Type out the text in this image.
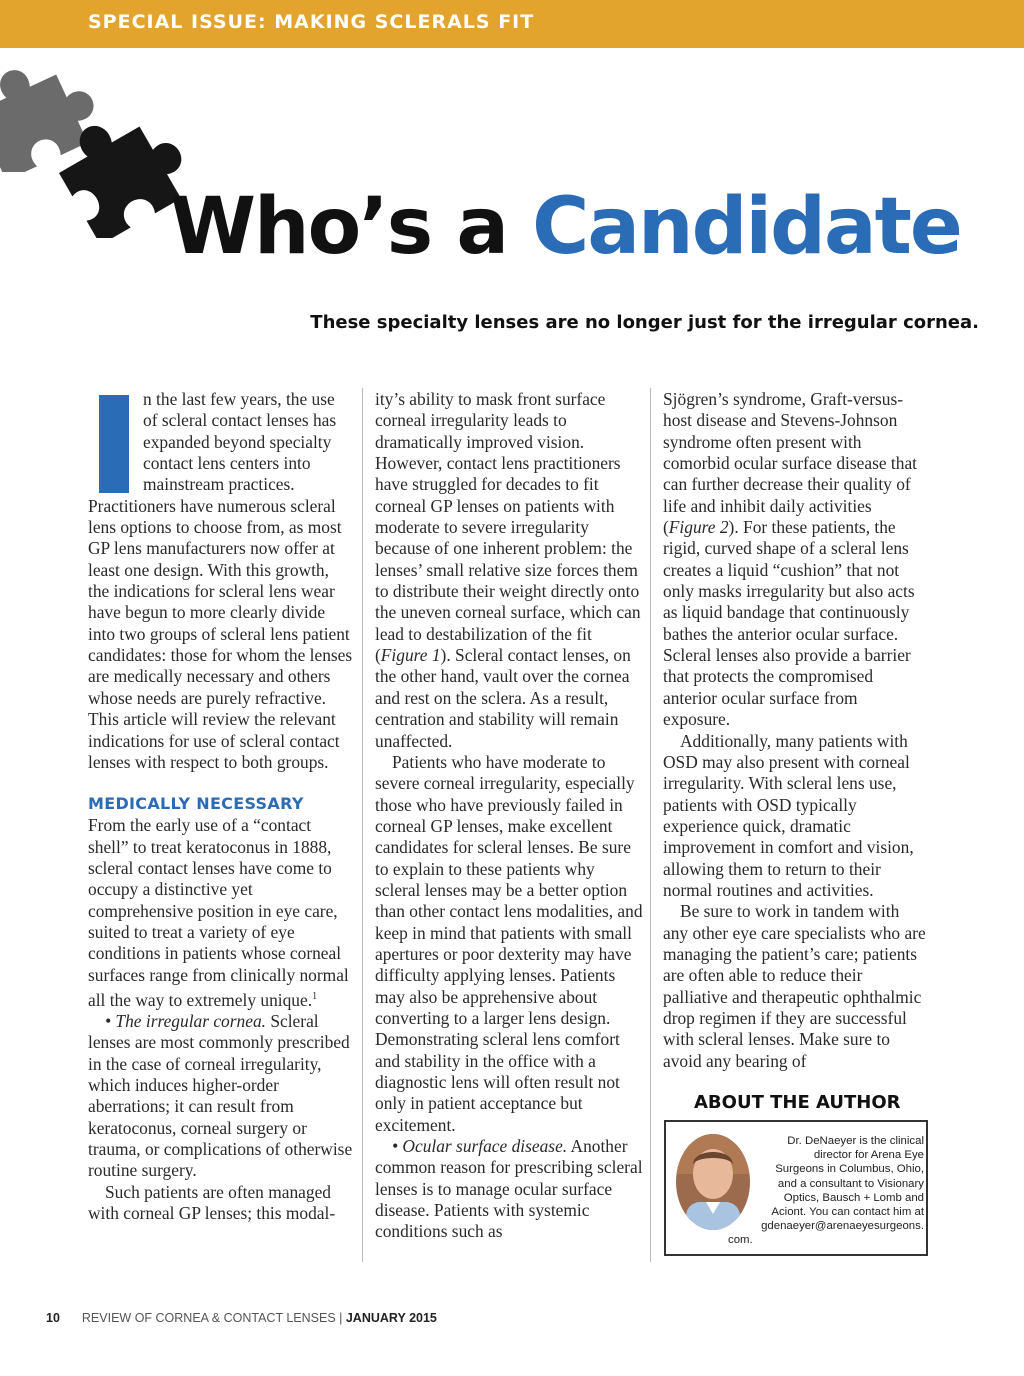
SPECIAL ISSUE: MAKING SCLERALS FIT
Who’s a Candidate
These specialty lenses are no longer just for the irregular cornea.

n the last few years, the use
of scleral contact lenses has
expanded beyond specialty
contact lens centers into
mainstream practices.
Practitioners have numerous scleral lens options to choose from, as most GP lens manufacturers now offer at least one design. With this growth, the indications for scleral lens wear have begun to more clearly divide into two groups of scleral lens patient candidates: those for whom the lenses are medically necessary and others whose needs are purely refractive. This article will review the relevant indications for use of scleral contact lenses with respect to both groups.

MEDICALLY NECESSARY

From the early use of a “contact shell” to treat keratoconus in 1888, scleral contact lenses have come to occupy a distinctive yet comprehensive position in eye care, suited to treat a variety of eye conditions in patients whose corneal surfaces range from clinically normal all the way to extremely unique.$^1$

• The irregular cornea. Scleral lenses are most commonly prescribed in the case of corneal irregularity, which induces higher-order aberrations; it can result from keratoconus, corneal surgery or trauma, or complications of otherwise routine surgery.

Such patients are often managed with corneal GP lenses; this modal-

ity’s ability to mask front surface corneal irregularity leads to dramatically improved vision. However, contact lens practitioners have struggled for decades to fit corneal GP lenses on patients with moderate to severe irregularity because of one inherent problem: the lenses’ small relative size forces them to distribute their weight directly onto the uneven corneal surface, which can lead to destabilization of the fit (Figure 1). Scleral contact lenses, on the other hand, vault over the cornea and rest on the sclera. As a result, centration and stability will remain unaffected.

Patients who have moderate to severe corneal irregularity, especially those who have previously failed in corneal GP lenses, make excellent candidates for scleral lenses. Be sure to explain to these patients why scleral lenses may be a better option than other contact lens modalities, and keep in mind that patients with small apertures or poor dexterity may have difficulty applying lenses. Patients may also be apprehensive about converting to a larger lens design. Demonstrating scleral lens comfort and stability in the office with a diagnostic lens will often result not only in patient acceptance but excitement.

• Ocular surface disease. Another common reason for prescribing scleral lenses is to manage ocular surface disease. Patients with systemic conditions such as

Sjögren’s syndrome, Graft-versus-host disease and Stevens-Johnson syndrome often present with comorbid ocular surface disease that can further decrease their quality of life and inhibit daily activities (Figure 2). For these patients, the rigid, curved shape of a scleral lens creates a liquid “cushion” that not only masks irregularity but also acts as liquid bandage that continuously bathes the anterior ocular surface. Scleral lenses also provide a barrier that protects the compromised anterior ocular surface from exposure.

Additionally, many patients with OSD may also present with corneal irregularity. With scleral lens use, patients with OSD typically experience quick, dramatic improvement in comfort and vision, allowing them to return to their normal routines and activities.

Be sure to work in tandem with any other eye care specialists who are managing the patient’s care; patients are often able to reduce their palliative and therapeutic ophthalmic drop regimen if they are successful with scleral lenses. Make sure to avoid any bearing of

ABOUT THE AUTHOR
Dr. DeNaeyer is the clinical
director for Arena Eye
Surgeons in Columbus, Ohio,
and a consultant to Visionary
Optics, Bausch + Lomb and
Aciont. You can contact him at
gdenaeyer@arenaeyesurgeons.
com.
10 REVIEW OF CORNEA & CONTACT LENSES | JANUARY 2015
